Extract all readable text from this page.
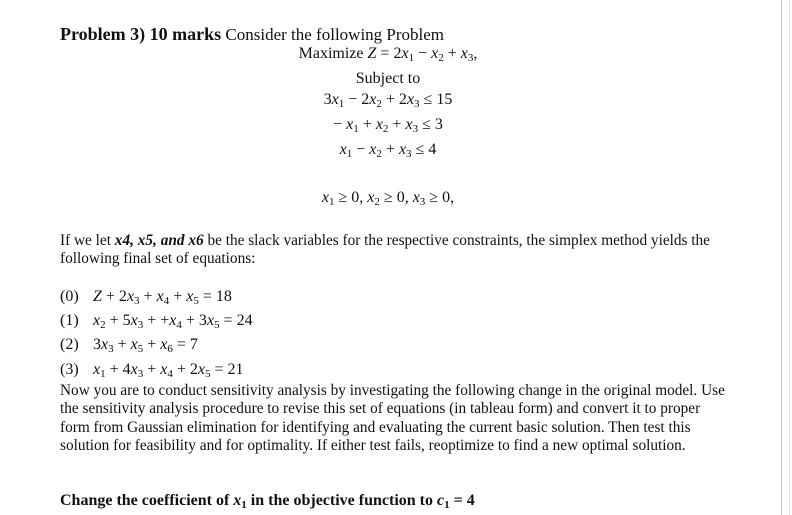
Problem 3) 10 marks Consider the following Problem
Maximize $Z = 2x_1 - x_2 + x_3$,
Subject to
$3x_1 - 2x_2 + 2x_3 \le 15$
− $x_1 + x_2 + x_3 \le 3$
$x_1 - x_2 + x_3 \le 4$
$x_1 \ge 0$, $x_2 \ge 0$, $x_3 \ge 0$,
If we let x4, x5, and x6 be the slack variables for the respective constraints, the simplex method yields the following final set of equations:
(0) $Z + 2x_3 + x_4 + x_5 = 18$
(1) $x_2 + 5x_3 + +x_4 + 3x_5 = 24$
(2) $3x_3 + x_5 + x_6 = 7$
(3) $x_1 + 4x_3 + x_4 + 2x_5 = 21$
Now you are to conduct sensitivity analysis by investigating the following change in the original model. Use the sensitivity analysis procedure to revise this set of equations (in tableau form) and convert it to proper form from Gaussian elimination for identifying and evaluating the current basic solution. Then test this solution for feasibility and for optimality. If either test fails, reoptimize to find a new optimal solution.
Change the coefficient of $x_1$ in the objective function to $c_1 = 4$
